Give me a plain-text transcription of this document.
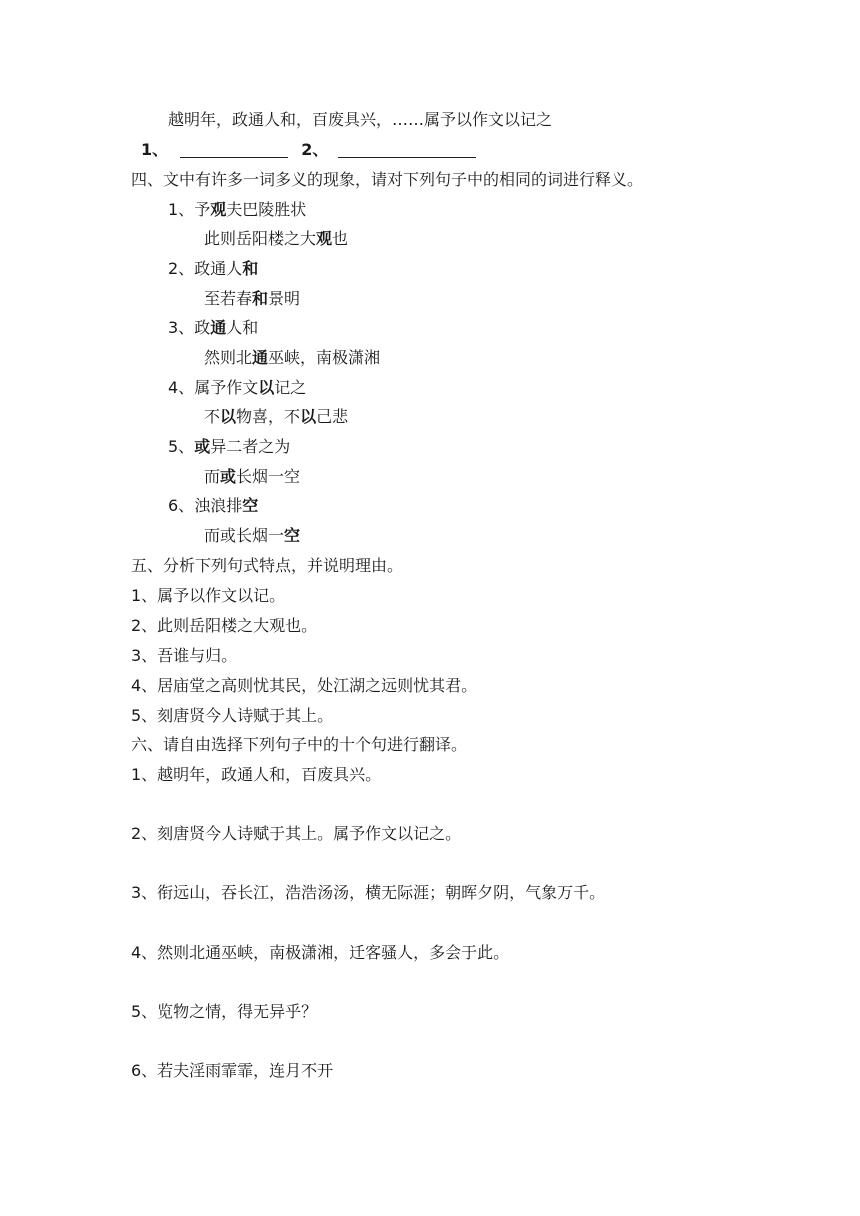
越明年，政通人和，百废具兴，……属予以作文以记之
1、	2、
四、文中有许多一词多义的现象，请对下列句子中的相同的词进行释义。
1、予观夫巴陵胜状
此则岳阳楼之大观也
2、政通人和
至若春和景明
3、政通人和
然则北通巫峡，南极潇湘
4、属予作文以记之
不以物喜，不以己悲
5、或异二者之为
而或长烟一空
6、浊浪排空
而或长烟一空
五、分析下列句式特点，并说明理由。
1、属予以作文以记。
2、此则岳阳楼之大观也。
3、吾谁与归。
4、居庙堂之高则忧其民，处江湖之远则忧其君。
5、刻唐贤今人诗赋于其上。
六、请自由选择下列句子中的十个句进行翻译。
1、越明年，政通人和，百废具兴。
2、刻唐贤今人诗赋于其上。属予作文以记之。
3、衔远山，吞长江，浩浩汤汤，横无际涯；朝晖夕阴，气象万千。
4、然则北通巫峡，南极潇湘，迁客骚人，多会于此。
5、览物之情，得无异乎？
6、若夫淫雨霏霏，连月不开
